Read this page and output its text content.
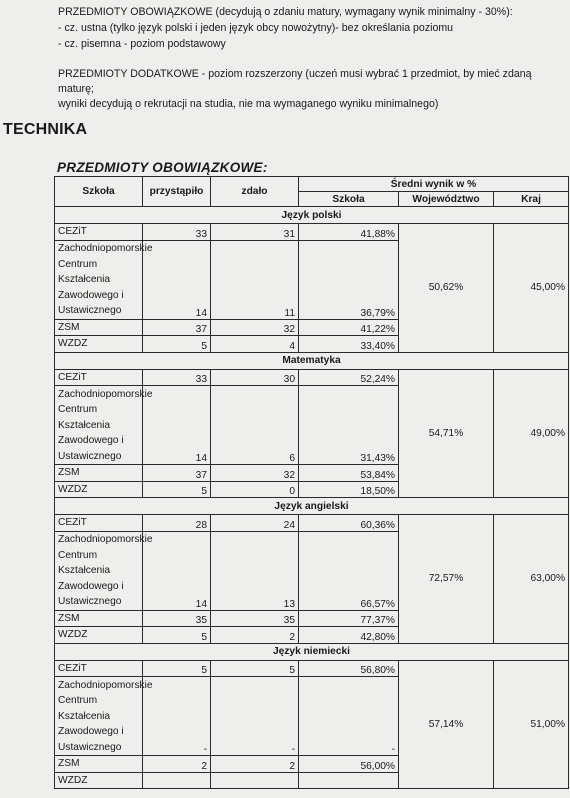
PRZEDMIOTY OBOWIĄZKOWE (decydują o zdaniu matury, wymagany wynik minimalny - 30%):
- cz. ustna (tylko język polski i jeden język obcy nowożytny)- bez określania poziomu
- cz. pisemna - poziom podstawowy
PRZEDMIOTY DODATKOWE - poziom rozszerzony (uczeń musi wybrać 1 przedmiot, by mieć zdaną
maturę;
wyniki decydują o rekrutacji na studia, nie ma wymaganego wyniku minimalnego)
TECHNIKA
PRZEDMIOTY OBOWIĄZKOWE:
Szkoła	przystąpiło	zdało	Średni wynik w %		
			Szkoła	Województwo	Kraj
Język polski					
CEZiT	33	31	41,88%	50,62%	45,00%
Zachodniopomorskie Centrum Kształcenia Zawodowego i Ustawicznego	14	11	36,79%		
ZSM	37	32	41,22%		
WZDZ	5	4	33,40%		
Matematyka					
CEZiT	33	30	52,24%	54,71%	49,00%
Zachodniopomorskie Centrum Kształcenia Zawodowego i Ustawicznego	14	6	31,43%		
ZSM	37	32	53,84%		
WZDZ	5	0	18,50%		
Język angielski					
CEZiT	28	24	60,36%	72,57%	63,00%
Zachodniopomorskie Centrum Kształcenia Zawodowego i Ustawicznego	14	13	66,57%		
ZSM	35	35	77,37%		
WZDZ	5	2	42,80%		
Język niemiecki					
CEZiT	5	5	56,80%	57,14%	51,00%
Zachodniopomorskie Centrum Kształcenia Zawodowego i Ustawicznego	-	-	-		
ZSM	2	2	56,00%		
WZDZ					
